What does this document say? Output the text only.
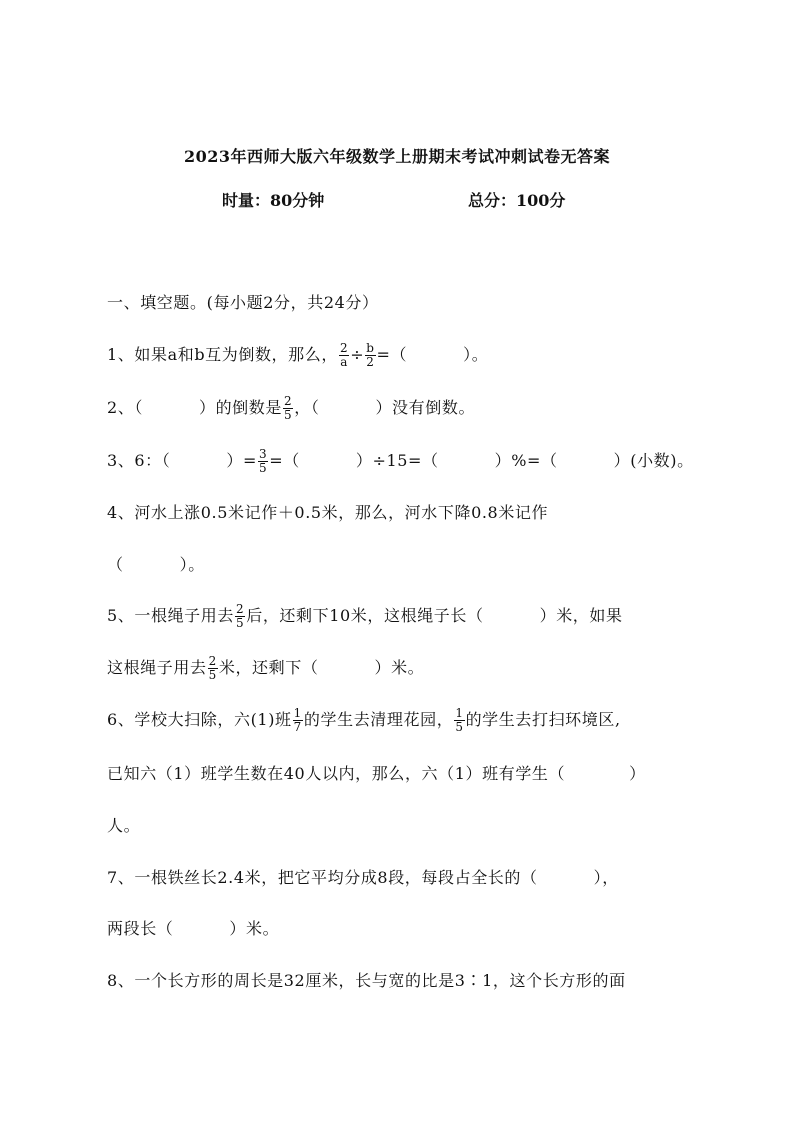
2023年西师大版六年级数学上册期末考试冲刺试卷无答案
时量：80分钟	总分：100分
一、填空题。(每小题2分，共24分）
1、如果a和b互为倒数，那么， $\frac{2}{a} \div \frac{b}{2}$ =（	）。
2、（	）的倒数是 $\frac{2}{5}$ ，（	）没有倒数。
3、6：（	）= $\frac{3}{5}$ =（	）÷15=（	）%=（	）(小数)。
4、河水上涨0.5米记作＋0.5米，那么，河水下降0.8米记作
（	）。
5、一根绳子用去 $\frac{2}{5}$ 后，还剩下10米，这根绳子长（	）米，如果
这根绳子用去 $\frac{2}{5}$ 米，还剩下（	）米。
6、学校大扫除，六(1)班 $\frac{1}{7}$ 的学生去清理花园， $\frac{1}{5}$ 的学生去打扫环境区,
已知六（1）班学生数在40人以内，那么，六（1）班有学生（	）
人。
7、一根铁丝长2.4米，把它平均分成8段，每段占全长的（	），
两段长（	）米。
8、一个长方形的周长是32厘米，长与宽的比是3∶1，这个长方形的面
